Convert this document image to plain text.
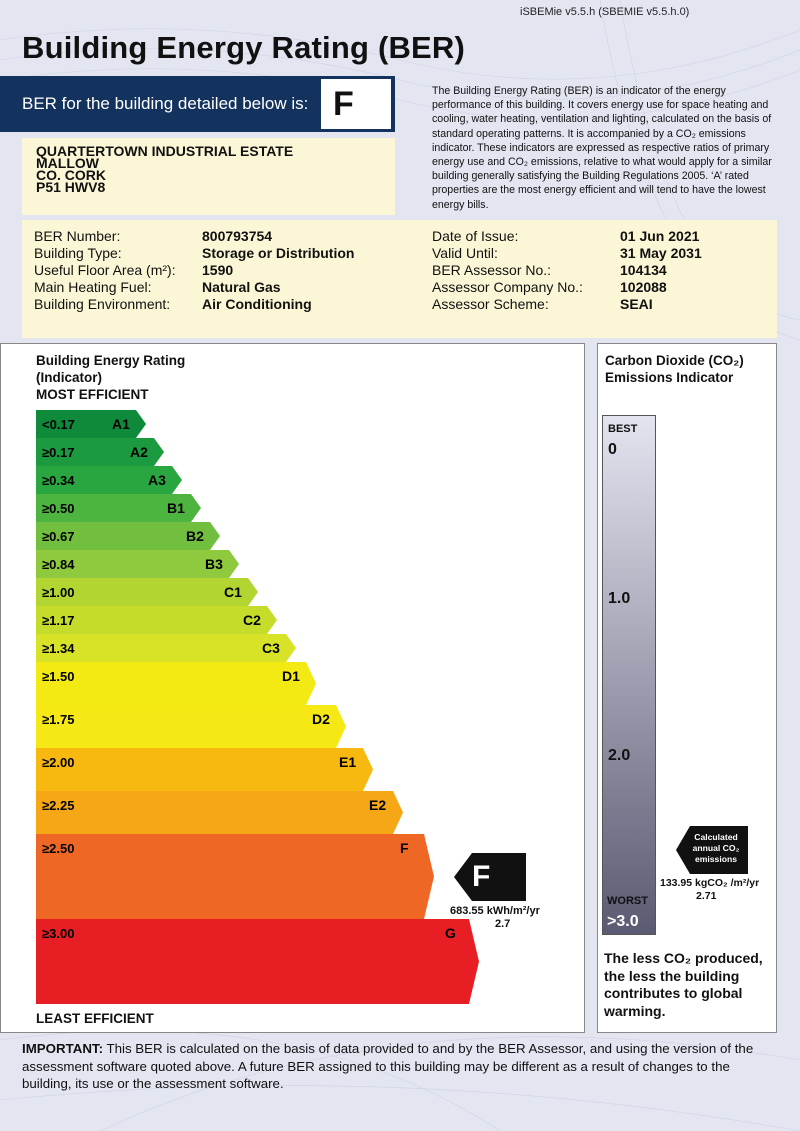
iSBEMie v5.5.h (SBEMIE v5.5.h.0)
Building Energy Rating (BER)
BER for the building detailed below is: F
QUARTERTOWN INDUSTRIAL ESTATE
MALLOW
CO. CORK
P51 HWV8
The Building Energy Rating (BER) is an indicator of the energy performance of this building. It covers energy use for space heating and cooling, water heating, ventilation and lighting, calculated on the basis of standard operating patterns. It is accompanied by a CO₂ emissions indicator. These indicators are expressed as respective ratios of primary energy use and CO₂ emissions, relative to what would apply for a similar building generally satisfying the Building Regulations 2005. ‘A’ rated properties are the most energy efficient and will tend to have the lowest energy bills.
BER Number:	800793754
Building Type:	Storage or Distribution
Useful Floor Area (m²): 1590
Main Heating Fuel:	Natural Gas
Building Environment: Air Conditioning
Date of Issue:	01 Jun 2021
Valid Until:	31 May 2031
BER Assessor No.:	104134
Assessor Company No.:	102088
Assessor Scheme:	SEAI
Building Energy Rating
(Indicator)
MOST EFFICIENT
<0.17	A1
≥0.17	A2
≥0.34	A3
≥0.50	B1
≥0.67	B2
≥0.84	B3
≥1.00	C1
≥1.17	C2
≥1.34	C3
≥1.50	D1
≥1.75	D2
≥2.00	E1
≥2.25	E2
≥2.50	F
≥3.00	G
LEAST EFFICIENT
F
683.55 kWh/m²/yr
2.7
Carbon Dioxide (CO₂)
Emissions Indicator
BEST
0
1.0
2.0
WORST
>3.0
Calculated
annual CO₂
emissions
133.95 kgCO₂ /m²/yr
2.71
The less CO₂ produced, the less the building contributes to global warming.
IMPORTANT: This BER is calculated on the basis of data provided to and by the BER Assessor, and using the version of the assessment software quoted above. A future BER assigned to this building may be different as a result of changes to the building, its use or the assessment software.
